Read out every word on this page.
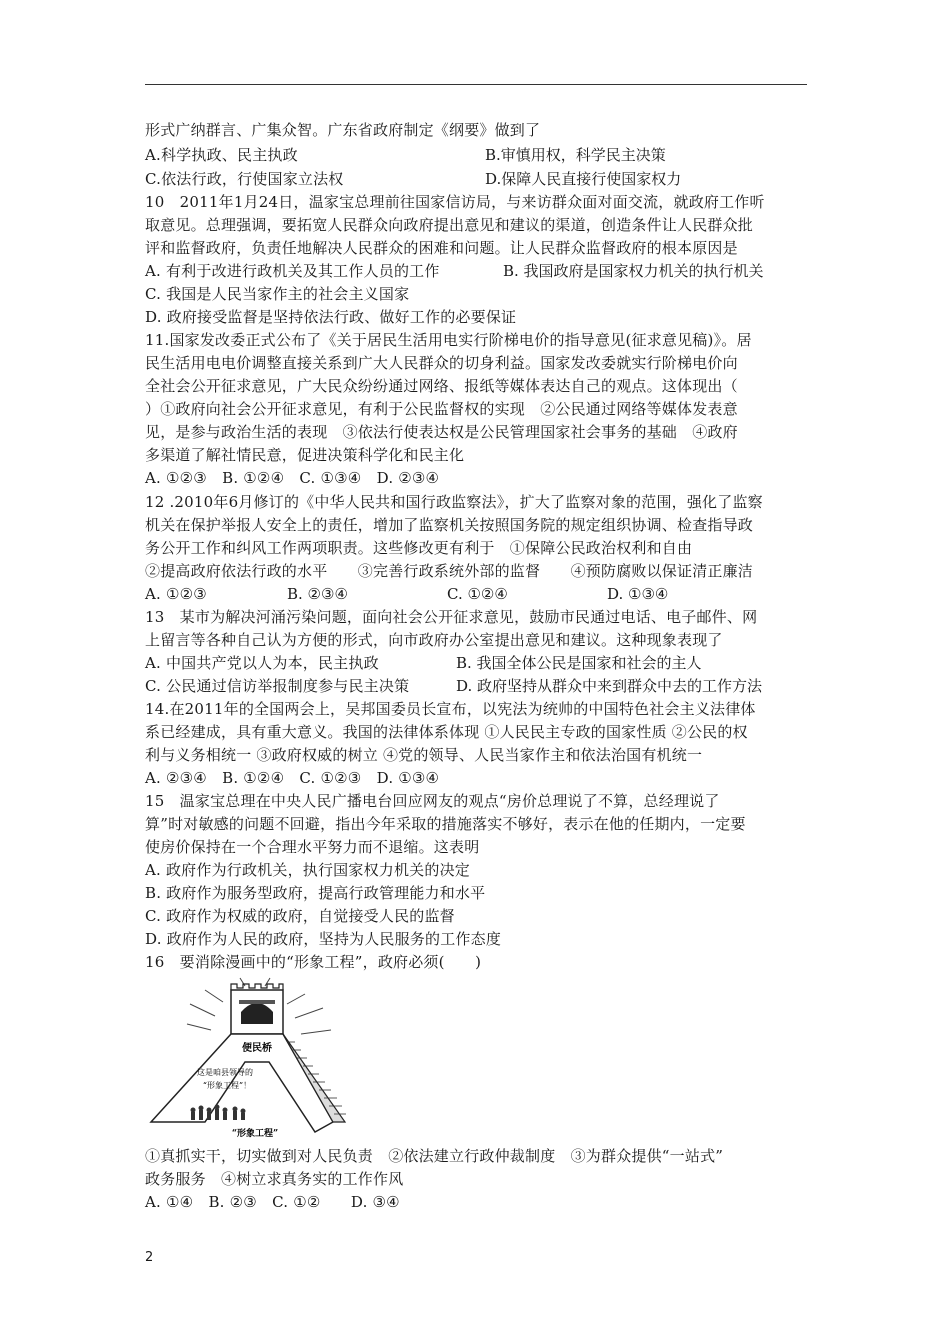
形式广纳群言、广集众智。广东省政府制定《纲要》做到了
A.科学执政、民主执政	B.审慎用权，科学民主决策
C.依法行政，行使国家立法权	D.保障人民直接行使国家权力
10　2011年1月24日，温家宝总理前往国家信访局，与来访群众面对面交流，就政府工作听
取意见。总理强调，要拓宽人民群众向政府提出意见和建议的渠道，创造条件让人民群众批
评和监督政府，负责任地解决人民群众的困难和问题。让人民群众监督政府的根本原因是
A. 有利于改进行政机关及其工作人员的工作	B. 我国政府是国家权力机关的执行机关
C. 我国是人民当家作主的社会主义国家
D. 政府接受监督是坚持依法行政、做好工作的必要保证
11.国家发改委正式公布了《关于居民生活用电实行阶梯电价的指导意见(征求意见稿)》。居
民生活用电电价调整直接关系到广大人民群众的切身利益。国家发改委就实行阶梯电价向
全社会公开征求意见，广大民众纷纷通过网络、报纸等媒体表达自己的观点。这体现出（
）①政府向社会公开征求意见，有利于公民监督权的实现　②公民通过网络等媒体发表意
见，是参与政治生活的表现　③依法行使表达权是公民管理国家社会事务的基础　④政府
多渠道了解社情民意，促进决策科学化和民主化
A. ①②③　B. ①②④　C. ①③④　D. ②③④
12 .2010年6月修订的《中华人民共和国行政监察法》，扩大了监察对象的范围，强化了监察
机关在保护举报人安全上的责任，增加了监察机关按照国务院的规定组织协调、检查指导政
务公开工作和纠风工作两项职责。这些修改更有利于　①保障公民政治权利和自由
②提高政府依法行政的水平　　③完善行政系统外部的监督　　④预防腐败以保证清正廉洁
A. ①②③	B. ②③④	C. ①②④	D. ①③④
13　某市为解决河涌污染问题，面向社会公开征求意见，鼓励市民通过电话、电子邮件、网
上留言等各种自己认为方便的形式，向市政府办公室提出意见和建议。这种现象表现了
A. 中国共产党以人为本，民主执政	B. 我国全体公民是国家和社会的主人
C. 公民通过信访举报制度参与民主决策	D. 政府坚持从群众中来到群众中去的工作方法
14.在2011年的全国两会上，吴邦国委员长宣布，以宪法为统帅的中国特色社会主义法律体
系已经建成，具有重大意义。我国的法律体系体现 ①人民民主专政的国家性质 ②公民的权
利与义务相统一 ③政府权威的树立 ④党的领导、人民当家作主和依法治国有机统一
A. ②③④　B. ①②④　C. ①②③　D. ①③④
15　温家宝总理在中央人民广播电台回应网友的观点“房价总理说了不算，总经理说了
算”时对敏感的问题不回避，指出今年采取的措施落实不够好，表示在他的任期内，一定要
使房价保持在一个合理水平努力而不退缩。这表明
A. 政府作为行政机关，执行国家权力机关的决定
B. 政府作为服务型政府，提高行政管理能力和水平
C. 政府作为权威的政府，自觉接受人民的监督
D. 政府作为人民的政府，坚持为人民服务的工作态度
16　要消除漫画中的“形象工程”，政府必须(　　)
便民桥
这是咱县领导的
“形象工程”！
“形象工程”
①真抓实干，切实做到对人民负责　②依法建立行政仲裁制度　③为群众提供“一站式”
政务服务　④树立求真务实的工作作风
A. ①④　B. ②③　C. ①②　　D. ③④
2
